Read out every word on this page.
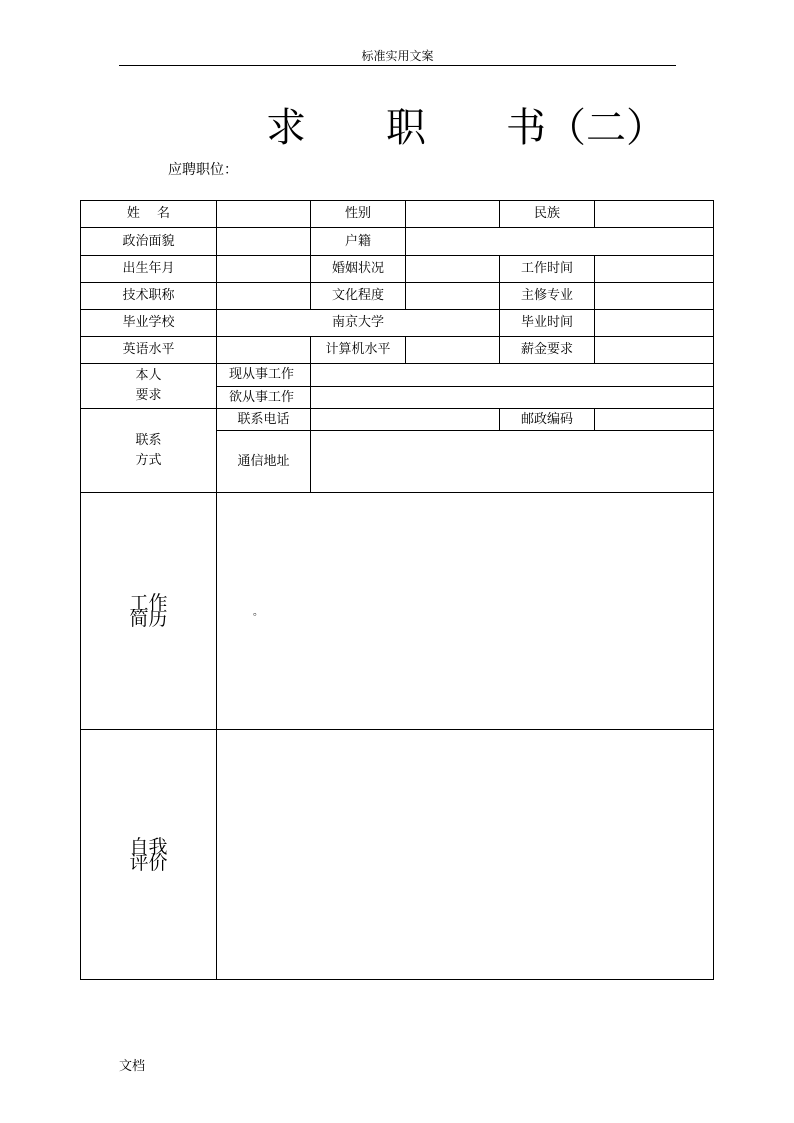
标准实用文案
求 职 书（二）
应聘职位：
姓　 名		性别		民族	
政治面貌		户籍			
出生年月		婚姻状况		工作时间	
技术职称		文化程度		主修专业	
毕业学校	南京大学			毕业时间	
英语水平		计算机水平		薪金要求	

本人
要求	现从事工作				
	欲从事工作				

联系
方式	联系电话			邮政编码	
	通信地址				

工作
简历					

自我
评价					

。
文档
